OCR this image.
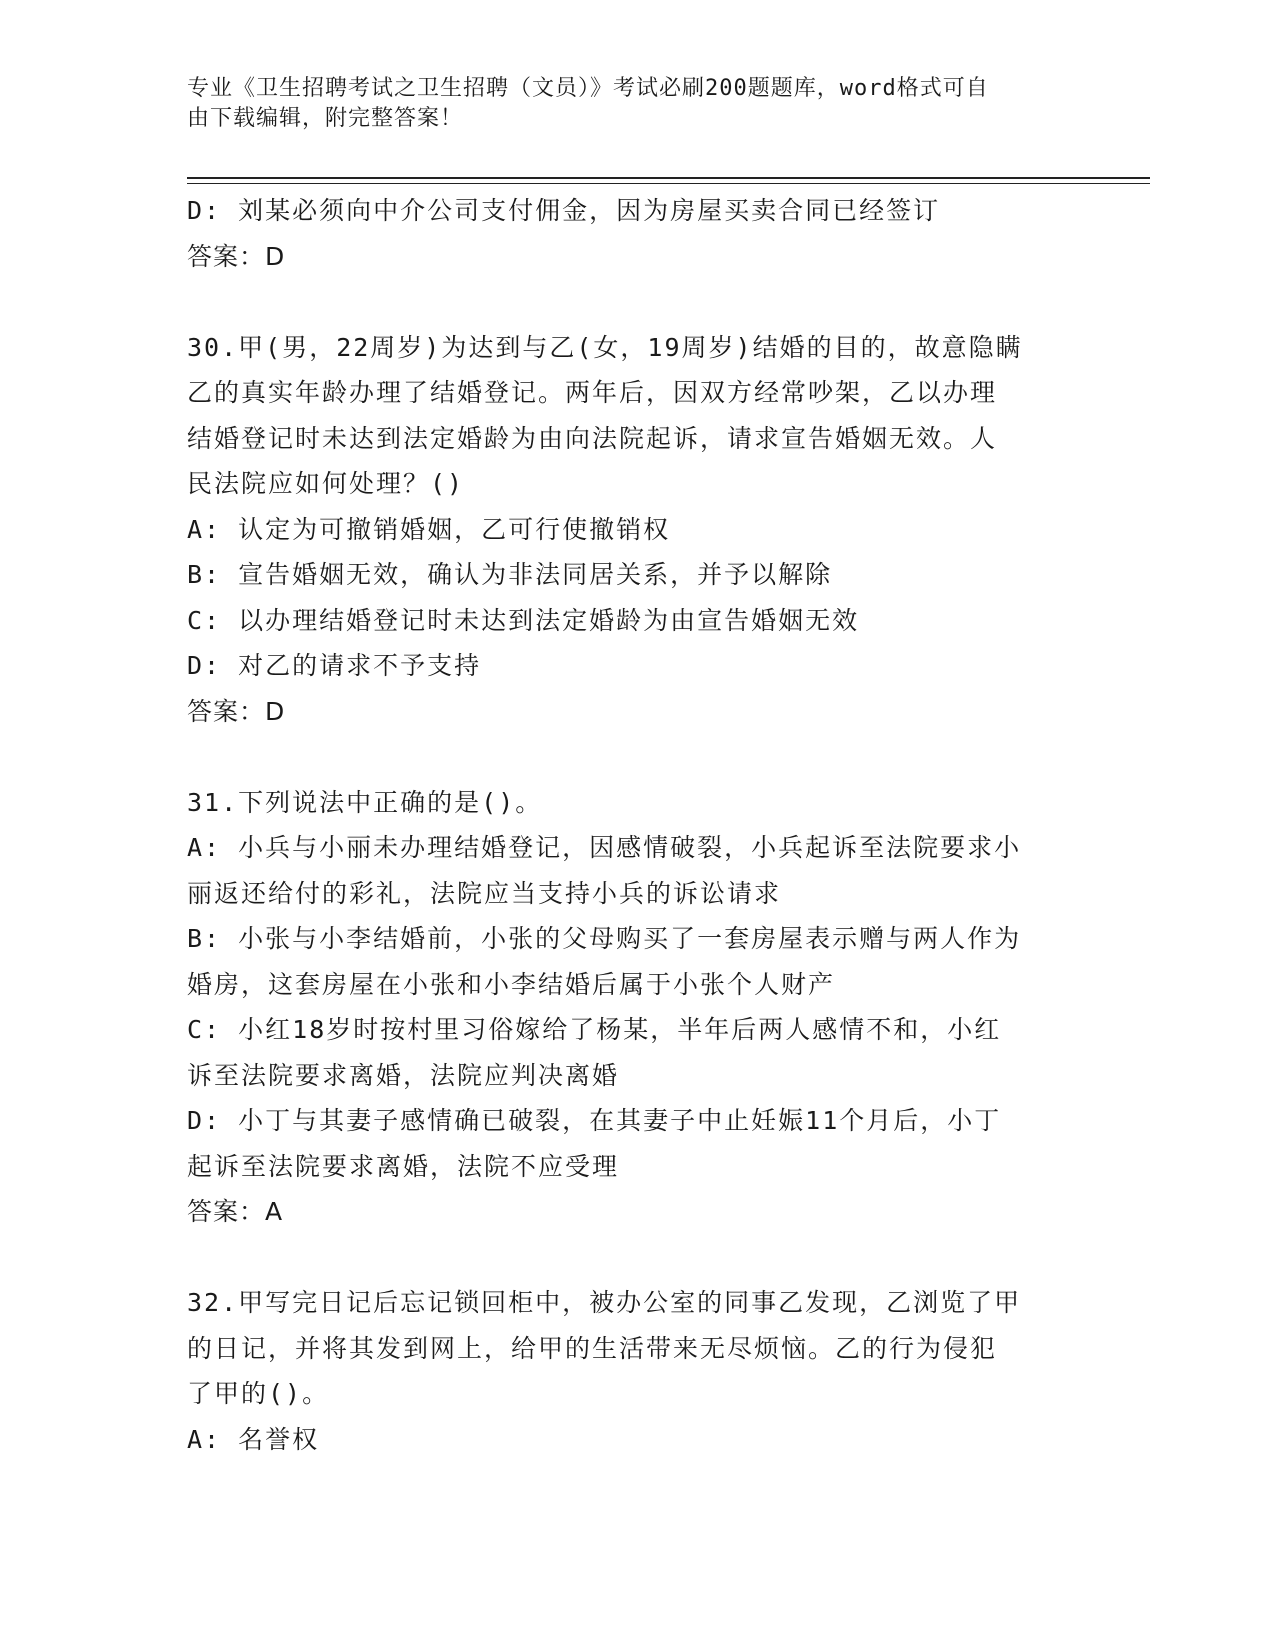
专业《卫生招聘考试之卫生招聘（文员）》考试必刷200题题库，word格式可自
由下载编辑，附完整答案！
D: 刘某必须向中介公司支付佣金，因为房屋买卖合同已经签订
答案：D
30.甲(男，22周岁)为达到与乙(女，19周岁)结婚的目的，故意隐瞒
乙的真实年龄办理了结婚登记。两年后，因双方经常吵架，乙以办理
结婚登记时未达到法定婚龄为由向法院起诉，请求宣告婚姻无效。人
民法院应如何处理？()
A: 认定为可撤销婚姻，乙可行使撤销权
B: 宣告婚姻无效，确认为非法同居关系，并予以解除
C: 以办理结婚登记时未达到法定婚龄为由宣告婚姻无效
D: 对乙的请求不予支持
答案：D
31.下列说法中正确的是()。
A: 小兵与小丽未办理结婚登记，因感情破裂，小兵起诉至法院要求小
丽返还给付的彩礼，法院应当支持小兵的诉讼请求
B: 小张与小李结婚前，小张的父母购买了一套房屋表示赠与两人作为
婚房，这套房屋在小张和小李结婚后属于小张个人财产
C: 小红18岁时按村里习俗嫁给了杨某，半年后两人感情不和，小红
诉至法院要求离婚，法院应判决离婚
D: 小丁与其妻子感情确已破裂，在其妻子中止妊娠11个月后，小丁
起诉至法院要求离婚，法院不应受理
答案：A
32.甲写完日记后忘记锁回柜中，被办公室的同事乙发现，乙浏览了甲
的日记，并将其发到网上，给甲的生活带来无尽烦恼。乙的行为侵犯
了甲的()。
A: 名誉权
